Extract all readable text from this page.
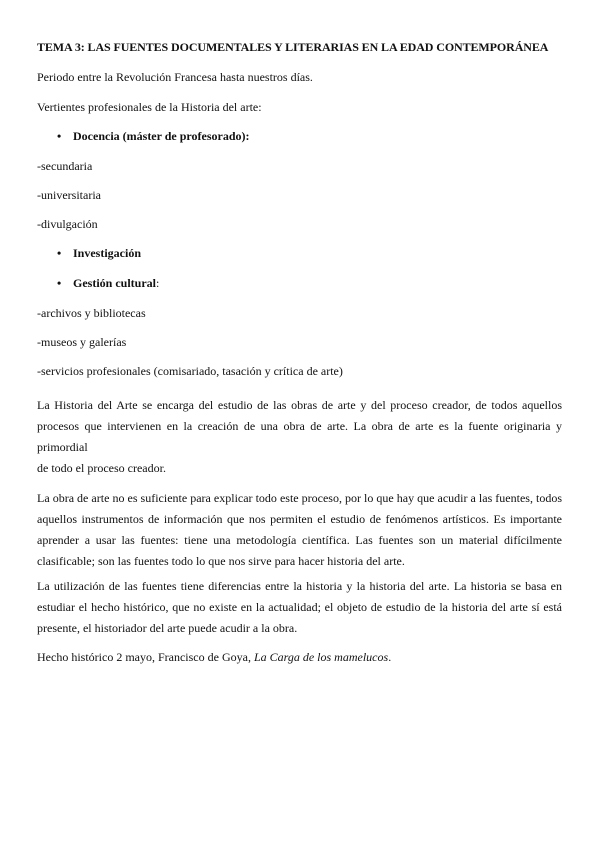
TEMA 3: LAS FUENTES DOCUMENTALES Y LITERARIAS EN LA EDAD CONTEMPORÁNEA
Periodo entre la Revolución Francesa hasta nuestros días.
Vertientes profesionales de la Historia del arte:
• Docencia (máster de profesorado):
-secundaria
-universitaria
-divulgación
• Investigación
• Gestión cultural:
-archivos y bibliotecas
-museos y galerías
-servicios profesionales (comisariado, tasación y crítica de arte)
La Historia del Arte se encarga del estudio de las obras de arte y del proceso creador, de todos aquellos
procesos que intervienen en la creación de una obra de arte. La obra de arte es la fuente originaria y primordial
de todo el proceso creador.
La obra de arte no es suficiente para explicar todo este proceso, por lo que hay que acudir a las fuentes, todos
aquellos instrumentos de información que nos permiten el estudio de fenómenos artísticos. Es importante
aprender a usar las fuentes: tiene una metodología científica. Las fuentes son un material difícilmente
clasificable; son las fuentes todo lo que nos sirve para hacer historia del arte.
La utilización de las fuentes tiene diferencias entre la historia y la historia del arte. La historia se basa en
estudiar el hecho histórico, que no existe en la actualidad; el objeto de estudio de la historia del arte sí está
presente, el historiador del arte puede acudir a la obra.
Hecho histórico 2 mayo, Francisco de Goya, La Carga de los mamelucos.
